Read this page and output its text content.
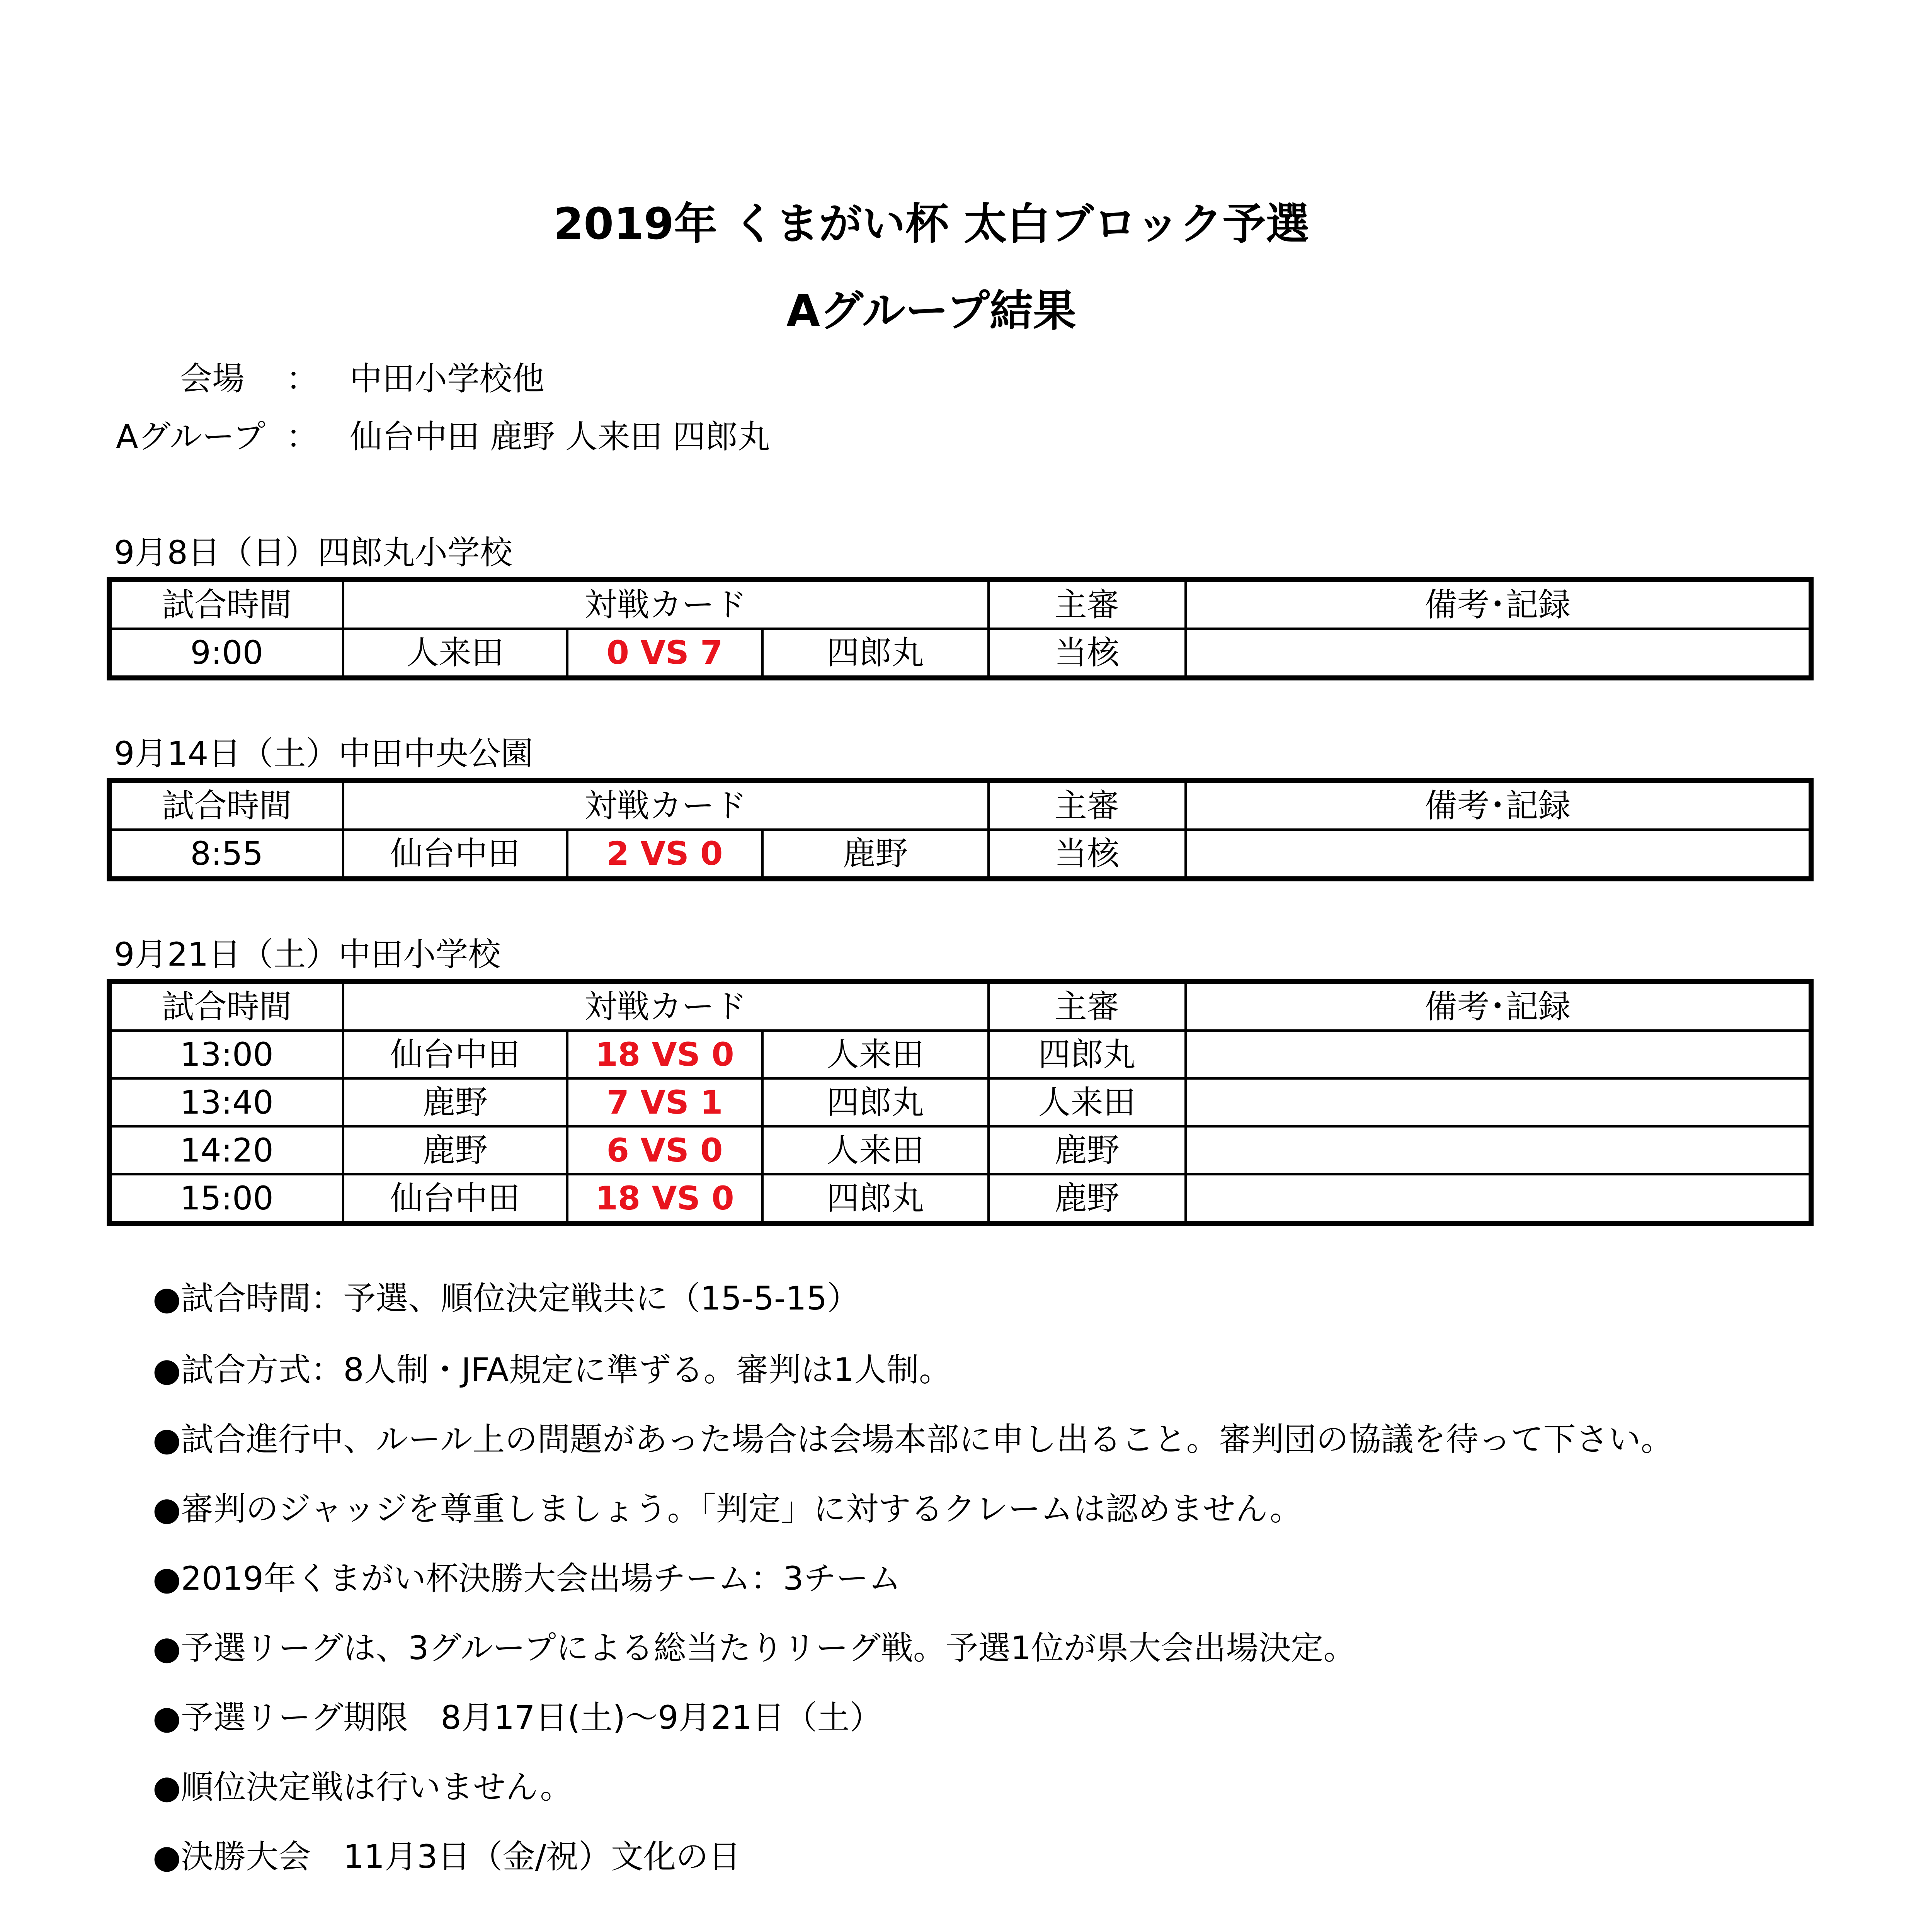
2019年 くまがい杯 太白ブロック予選
Aグループ結果
会場 ： 中田小学校他
Aグループ ： 仙台中田 鹿野 人来田 四郎丸
9月8日（日）四郎丸小学校
9月14日（土）中田中央公園
9月21日（土）中田小学校
試合時間	対戦カード			主審	備考･記録
9:00	人来田	0 VS 7	四郎丸	当核	
試合時間	対戦カード			主審	備考･記録
8:55	仙台中田	2 VS 0	鹿野	当核	
試合時間	対戦カード			主審	備考･記録
13:00	仙台中田	18 VS 0	人来田	四郎丸	
13:40	鹿野	7 VS 1	四郎丸	人来田	
14:20	鹿野	6 VS 0	人来田	鹿野	
15:00	仙台中田	18 VS 0	四郎丸	鹿野	
●試合時間：予選、順位決定戦共に（15-5-15）
●試合方式：8人制・JFA規定に準ずる。審判は1人制。
●試合進行中、ルール上の問題があった場合は会場本部に申し出ること。審判団の協議を待って下さい。
●審判のジャッジを尊重しましょう。「判定」に対するクレームは認めません。
●2019年くまがい杯決勝大会出場チーム：3チーム
●予選リーグは、3グループによる総当たりリーグ戦。予選1位が県大会出場決定。
●予選リーグ期限　8月17日(土)～9月21日（土）
●順位決定戦は行いません。
●決勝大会　11月3日（金/祝）文化の日
